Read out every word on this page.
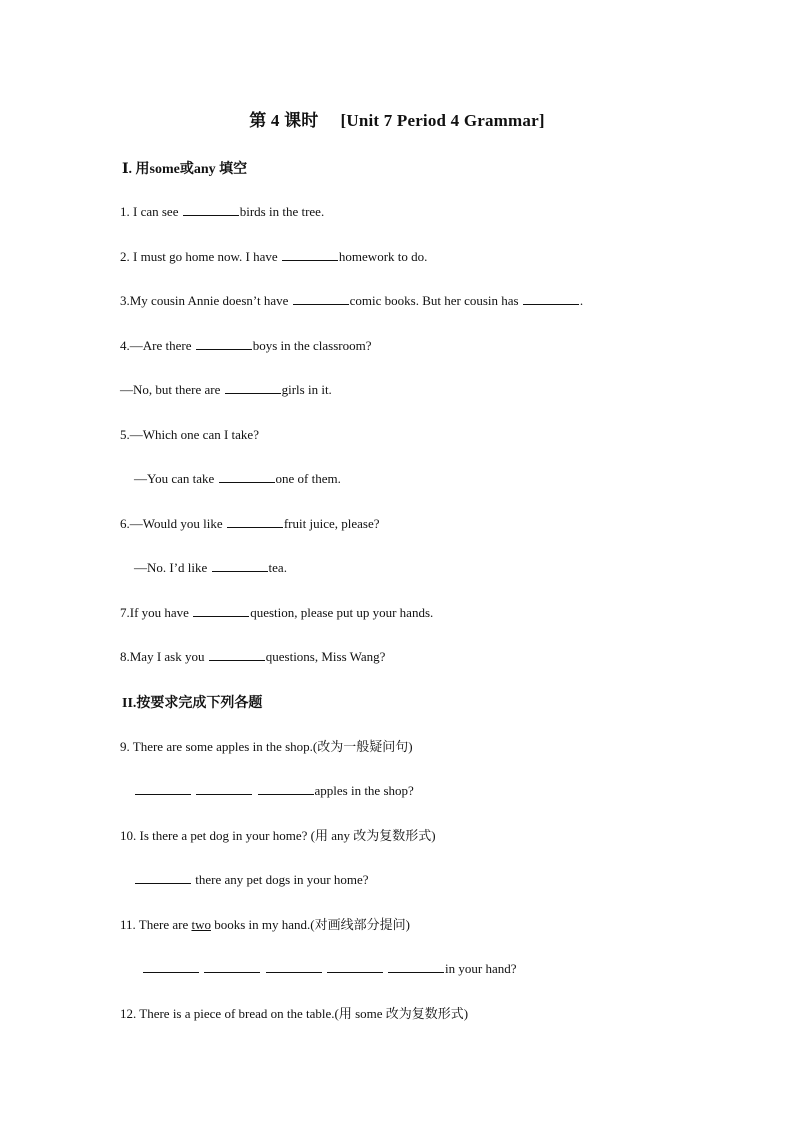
第 4 课时 [Unit 7 Period 4 Grammar]
Ⅰ. 用some或any 填空
1. I can see	birds in the tree.
2. I must go home now. I have	homework to do.
3.My cousin Annie doesn’t have	comic books. But her cousin has	.
4.—Are there	boys in the classroom?
—No, but there are	girls in it.
5.—Which one can I take?
—You can take	one of them.
6.—Would you like	fruit juice, please?
—No. I’d like	tea.
7.If you have	question, please put up your hands.
8.May I ask you	questions, Miss Wang?
II.按要求完成下列各题
9. There are some apples in the shop.(改为一般疑问句)
apples in the shop?
10. Is there a pet dog in your home? (用 any 改为复数形式)
there any pet dogs in your home?
11. There are two books in my hand.(对画线部分提问)
in your hand?
12. There is a piece of bread on the table.(用 some 改为复数形式)
